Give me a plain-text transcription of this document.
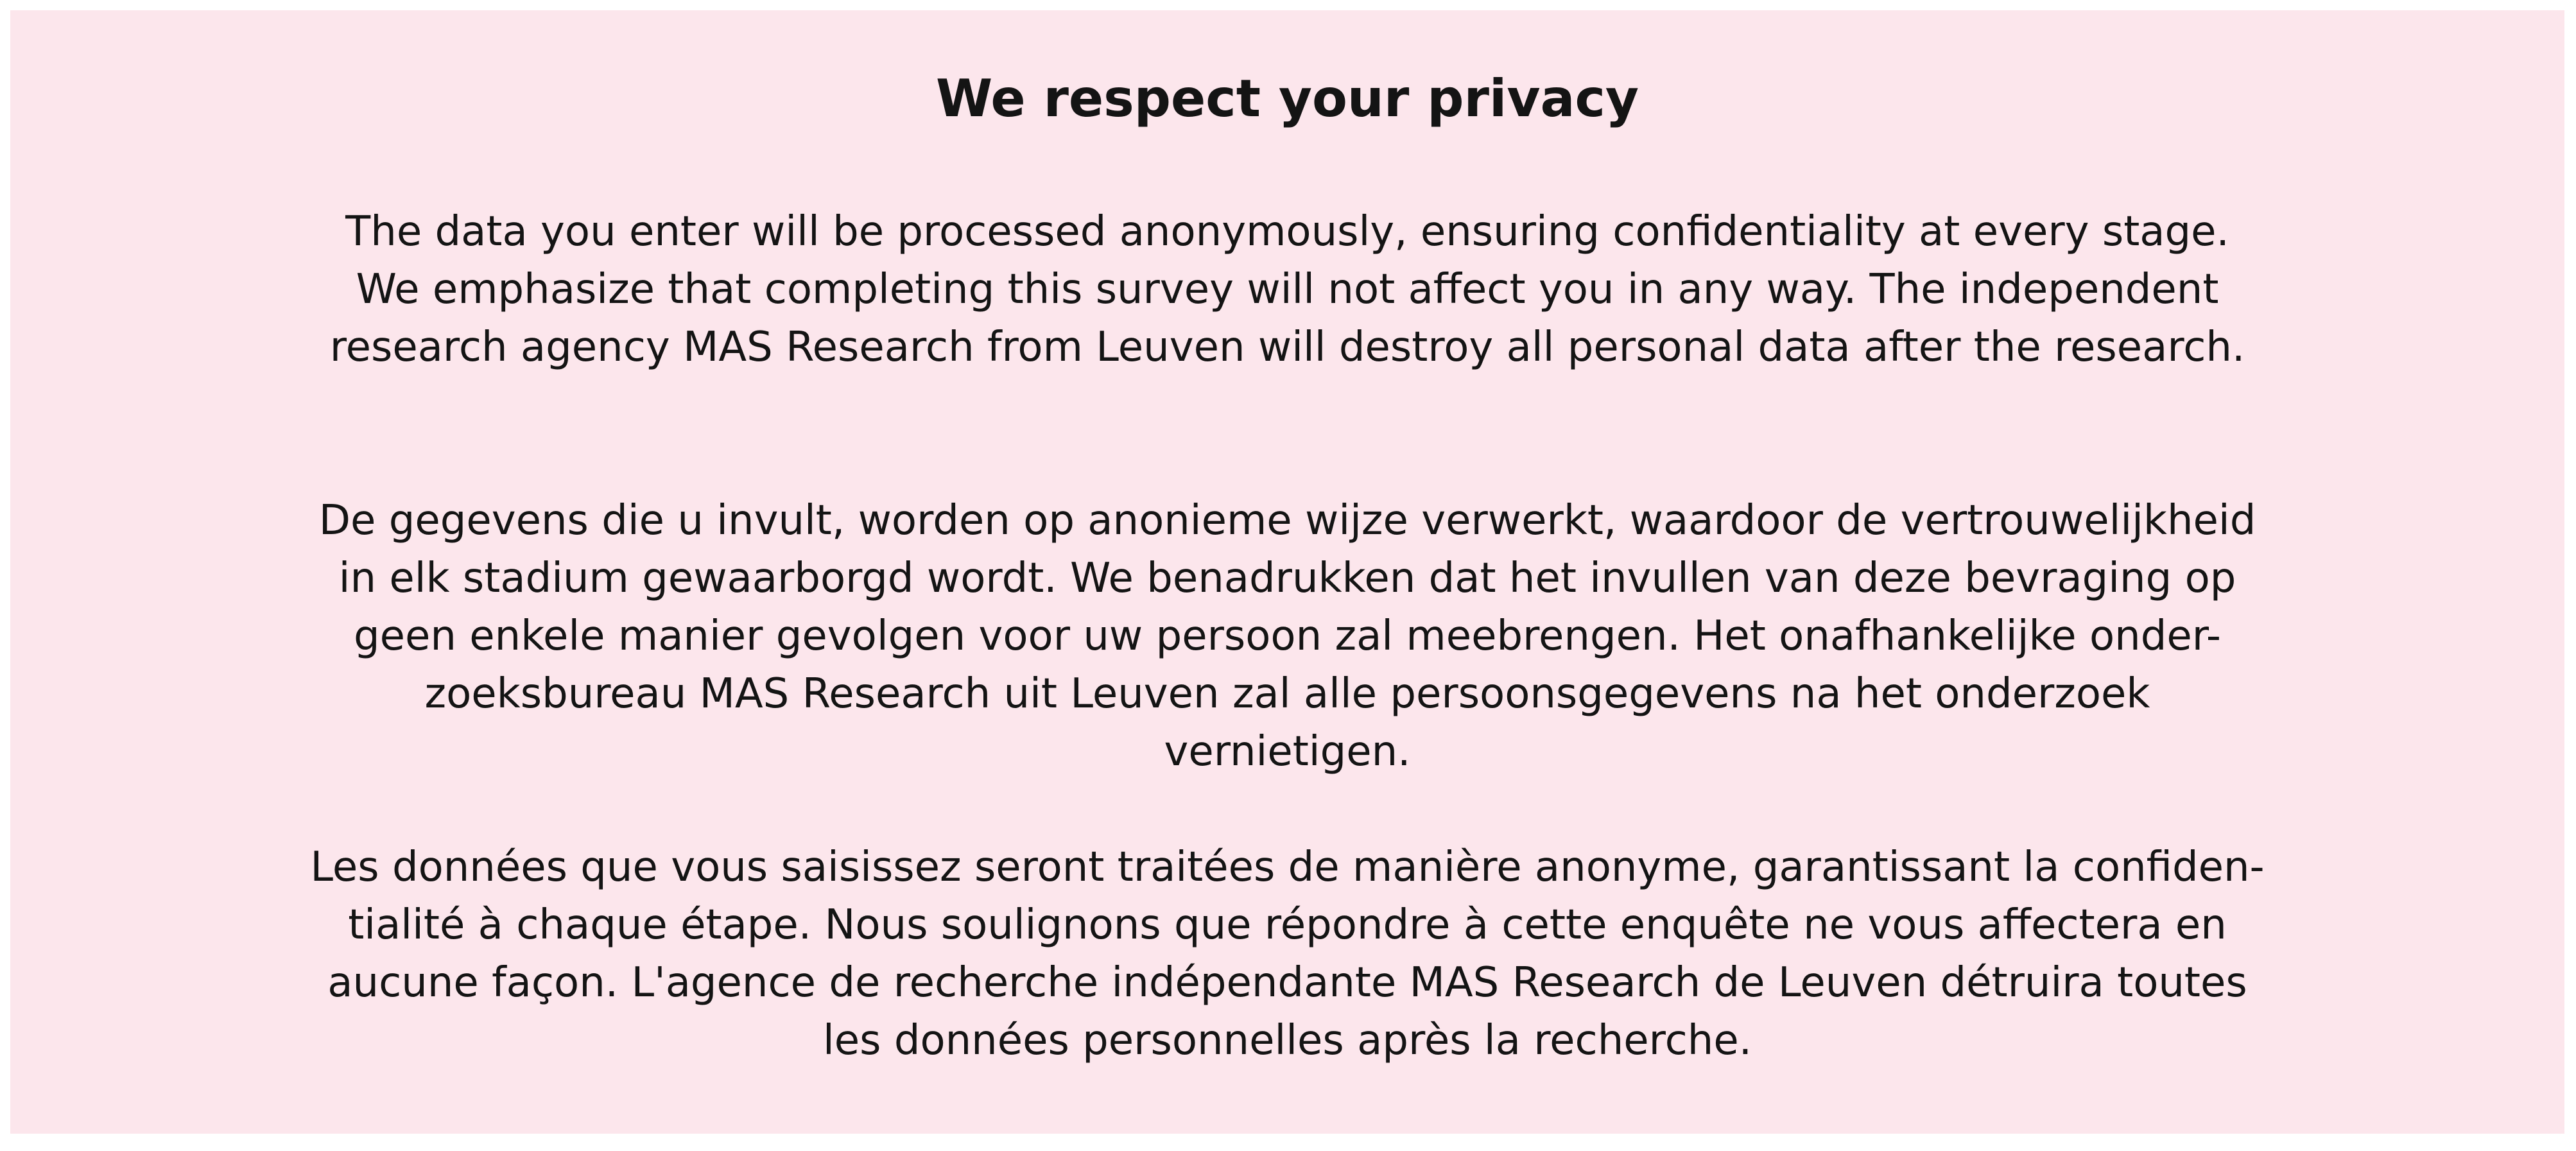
We respect your privacy

The data you enter will be processed anonymously, ensuring confidentiality at every stage.
We emphasize that completing this survey will not affect you in any way. The independent
research agency MAS Research from Leuven will destroy all personal data after the research.

De gegevens die u invult, worden op anonieme wijze verwerkt, waardoor de vertrouwelijkheid
in elk stadium gewaarborgd wordt. We benadrukken dat het invullen van deze bevraging op
geen enkele manier gevolgen voor uw persoon zal meebrengen. Het onafhankelijke onder-
zoeksbureau MAS Research uit Leuven zal alle persoonsgegevens na het onderzoek
vernietigen.

Les données que vous saisissez seront traitées de manière anonyme, garantissant la confiden-
tialité à chaque étape. Nous soulignons que répondre à cette enquête ne vous affectera en
aucune façon. L'agence de recherche indépendante MAS Research de Leuven détruira toutes
les données personnelles après la recherche.
